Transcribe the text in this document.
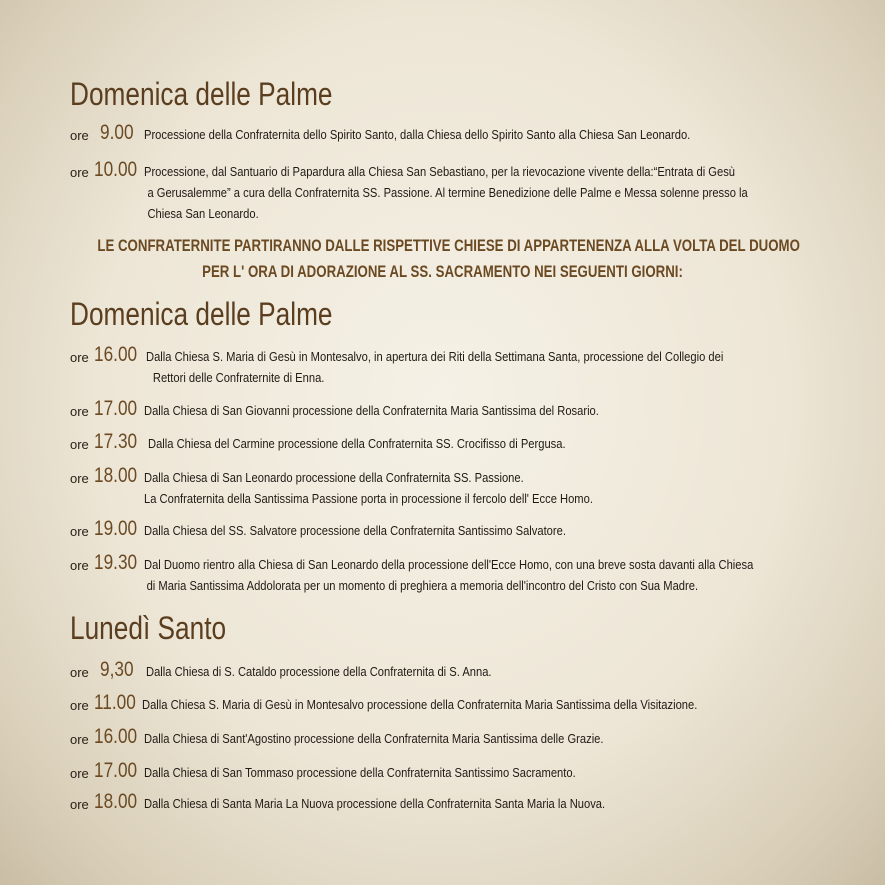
Domenica delle Palme
ore 9.00 Processione della Confraternita dello Spirito Santo, dalla Chiesa dello Spirito Santo alla Chiesa San Leonardo.
ore 10.00 Processione, dal Santuario di Papardura alla Chiesa San Sebastiano, per la rievocazione vivente della:“Entrata di Gesù
a Gerusalemme” a cura della Confraternita SS. Passione. Al termine Benedizione delle Palme e Messa solenne presso la
Chiesa San Leonardo.

LE CONFRATERNITE PARTIRANNO DALLE RISPETTIVE CHIESE DI APPARTENENZA ALLA VOLTA DEL DUOMO

PER L' ORA DI ADORAZIONE AL SS. SACRAMENTO NEI SEGUENTI GIORNI:

Domenica delle Palme
ore 16.00 Dalla Chiesa S. Maria di Gesù in Montesalvo, in apertura dei Riti della Settimana Santa, processione del Collegio dei
Rettori delle Confraternite di Enna.
ore 17.00 Dalla Chiesa di San Giovanni processione della Confraternita Maria Santissima del Rosario.
ore 17.30 Dalla Chiesa del Carmine processione della Confraternita SS. Crocifisso di Pergusa.
ore 18.00 Dalla Chiesa di San Leonardo processione della Confraternita SS. Passione.
La Confraternita della Santissima Passione porta in processione il fercolo dell' Ecce Homo.
ore 19.00 Dalla Chiesa del SS. Salvatore processione della Confraternita Santissimo Salvatore.
ore 19.30 Dal Duomo rientro alla Chiesa di San Leonardo della processione dell'Ecce Homo, con una breve sosta davanti alla Chiesa
di Maria Santissima Addolorata per un momento di preghiera a memoria dell'incontro del Cristo con Sua Madre.
Lunedì Santo
ore 9,30 Dalla Chiesa di S. Cataldo processione della Confraternita di S. Anna.
ore 11.00 Dalla Chiesa S. Maria di Gesù in Montesalvo processione della Confraternita Maria Santissima della Visitazione.
ore 16.00 Dalla Chiesa di Sant'Agostino processione della Confraternita Maria Santissima delle Grazie.
ore 17.00 Dalla Chiesa di San Tommaso processione della Confraternita Santissimo Sacramento.
ore 18.00 Dalla Chiesa di Santa Maria La Nuova processione della Confraternita Santa Maria la Nuova.
